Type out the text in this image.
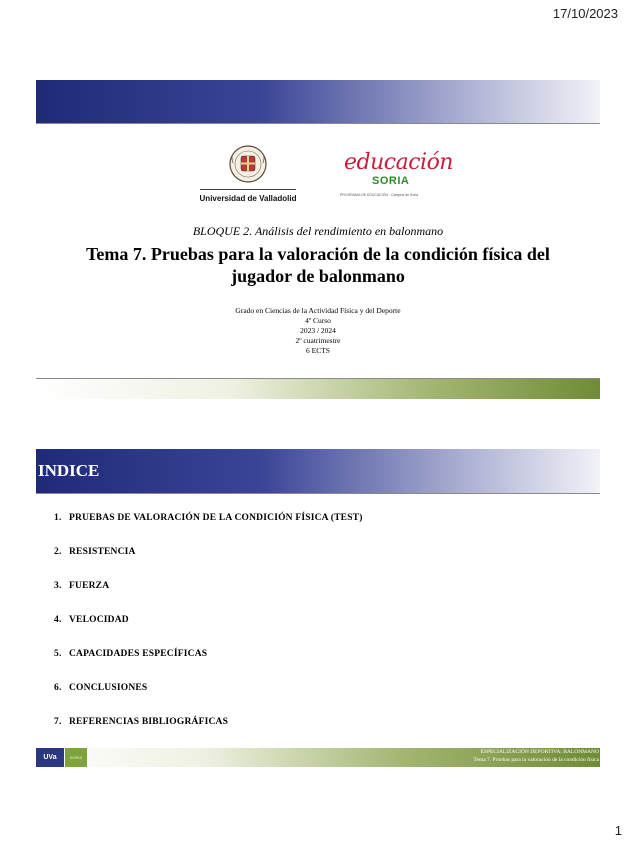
17/10/2023
Universidad de Valladolid
educación
SORIA
PROGRAMA DE EDUCACIÓN · Campus de Soria
BLOQUE 2. Análisis del rendimiento en balonmano
Tema 7. Pruebas para la valoración de la condición física del
jugador de balonmano
Grado en Ciencias de la Actividad Física y del Deporte
4º Curso
2023 / 2024
2º cuatrimestre
6 ECTS
INDICE
1. PRUEBAS DE VALORACIÓN DE LA CONDICIÓN FÍSICA (TEST)
2. RESISTENCIA
3. FUERZA
4. VELOCIDAD
5. CAPACIDADES ESPECÍFICAS
6. CONCLUSIONES
7. REFERENCIAS BIBLIOGRÁFICAS
UVa	SORIA
ESPECIALIZACIÓN DEPORTIVA: BALONMANO
Tema 7. Pruebas para la valoración de la condición física
1
